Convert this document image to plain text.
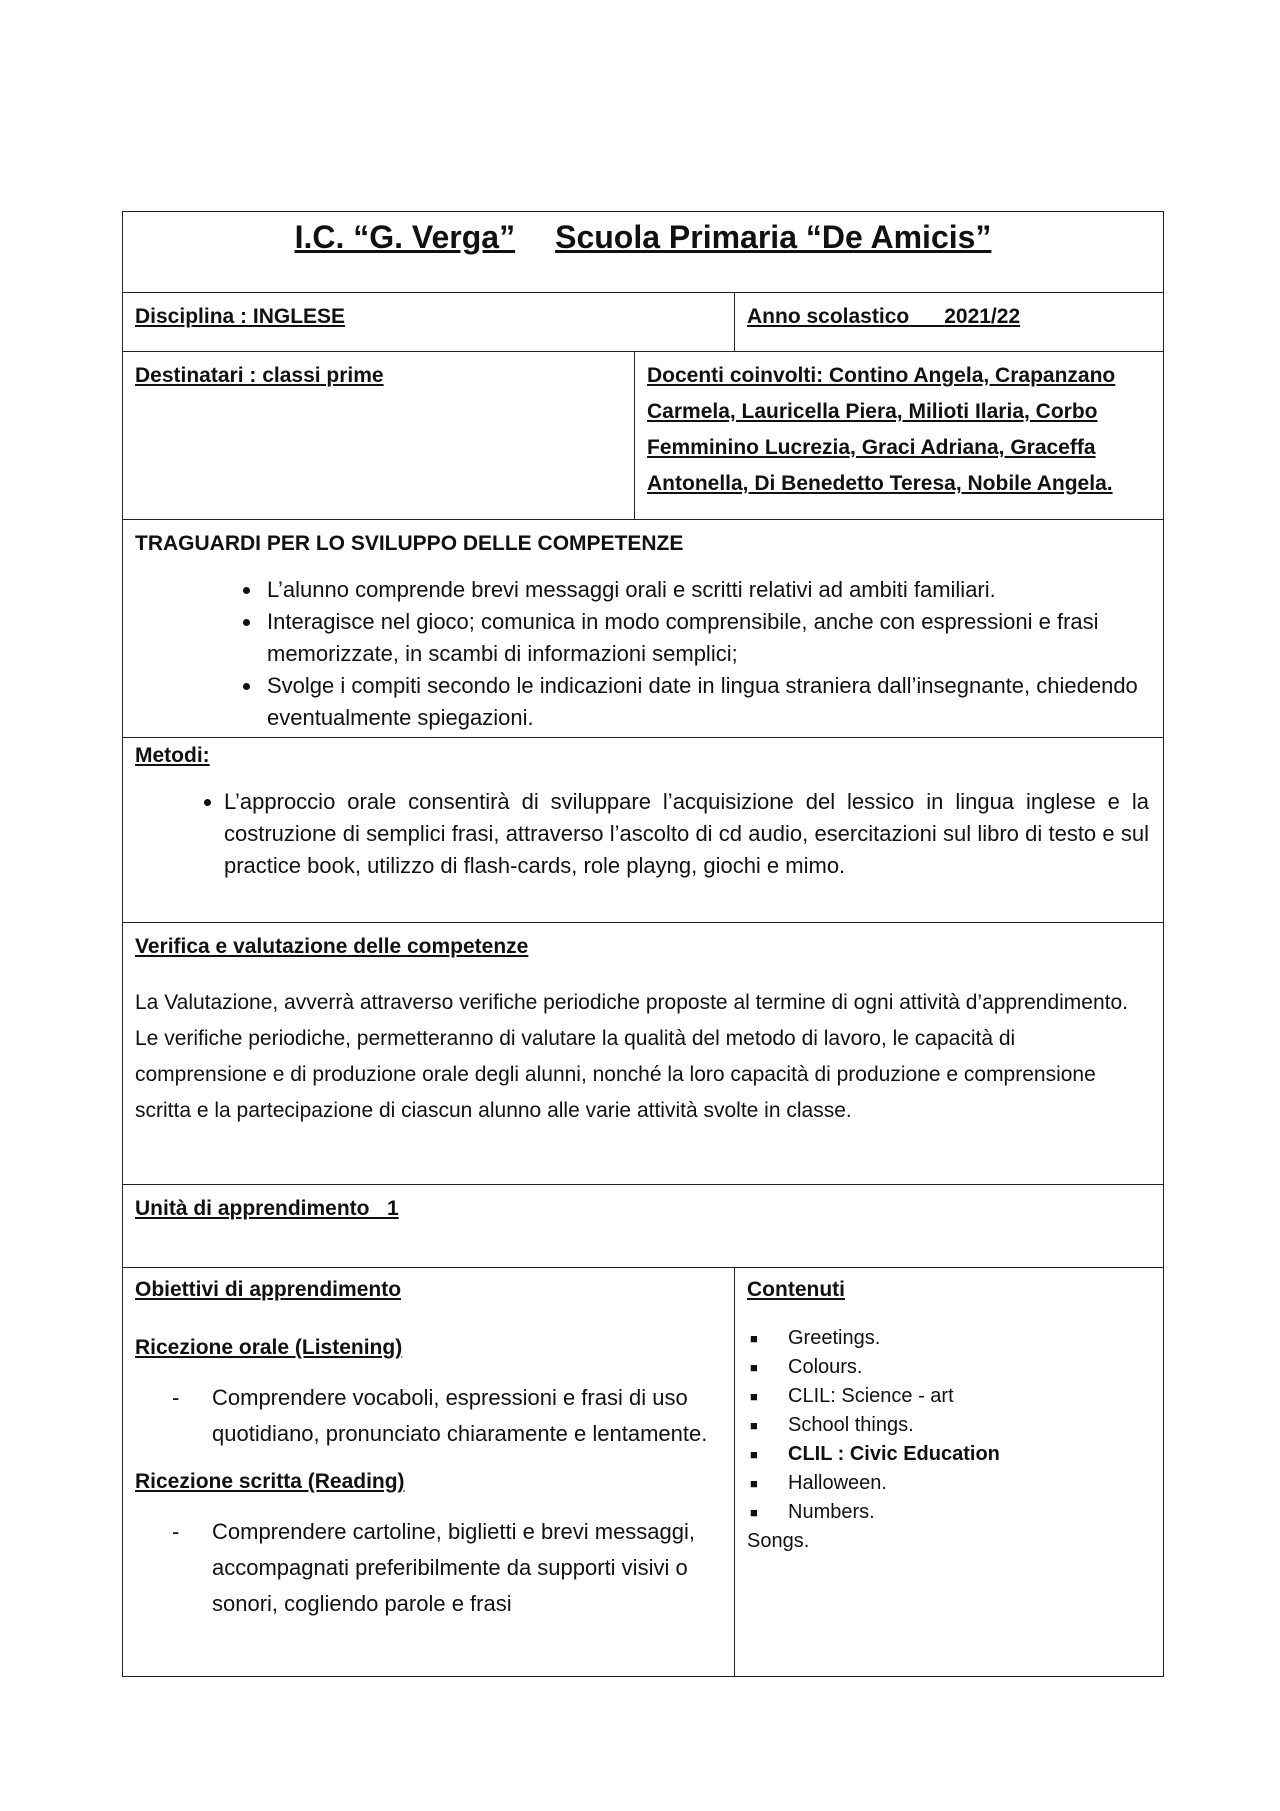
I.C. “G. Verga” Scuola Primaria “De Amicis”
Disciplina : INGLESE	Anno scolastico 2021/22
Destinatari : classi prime	Docenti coinvolti: Contino Angela, Crapanzano Carmela, Lauricella Piera, Milioti Ilaria, Corbo Femminino Lucrezia, Graci Adriana, Graceffa Antonella, Di Benedetto Teresa, Nobile Angela.
TRAGUARDI PER LO SVILUPPO DELLE COMPETENZE
• L’alunno comprende brevi messaggi orali e scritti relativi ad ambiti familiari.
• Interagisce nel gioco; comunica in modo comprensibile, anche con espressioni e frasi memorizzate, in scambi di informazioni semplici;
• Svolge i compiti secondo le indicazioni date in lingua straniera dall’insegnante, chiedendo eventualmente spiegazioni.
Metodi:
• L’approccio orale consentirà di sviluppare l’acquisizione del lessico in lingua inglese e la costruzione di semplici frasi, attraverso l’ascolto di cd audio, esercitazioni sul libro di testo e sul practice book, utilizzo di flash-cards, role playng, giochi e mimo.
Verifica e valutazione delle competenze
La Valutazione, avverrà attraverso verifiche periodiche proposte al termine di ogni attività d’apprendimento. Le verifiche periodiche, permetteranno di valutare la qualità del metodo di lavoro, le capacità di comprensione e di produzione orale degli alunni, nonché la loro capacità di produzione e comprensione scritta e la partecipazione di ciascun alunno alle varie attività svolte in classe.
Unità di apprendimento   1
Obiettivi di apprendimento
Ricezione orale (Listening)
- Comprendere vocaboli, espressioni e frasi di uso quotidiano, pronunciato chiaramente e lentamente.
Ricezione scritta (Reading)
- Comprendere cartoline, biglietti e brevi messaggi, accompagnati preferibilmente da supporti visivi o sonori, cogliendo parole e frasi
Contenuti
■ Greetings.
■ Colours.
■ CLIL: Science - art
■ School things.
■ CLIL : Civic Education
■ Halloween.
■ Numbers.
Songs.
